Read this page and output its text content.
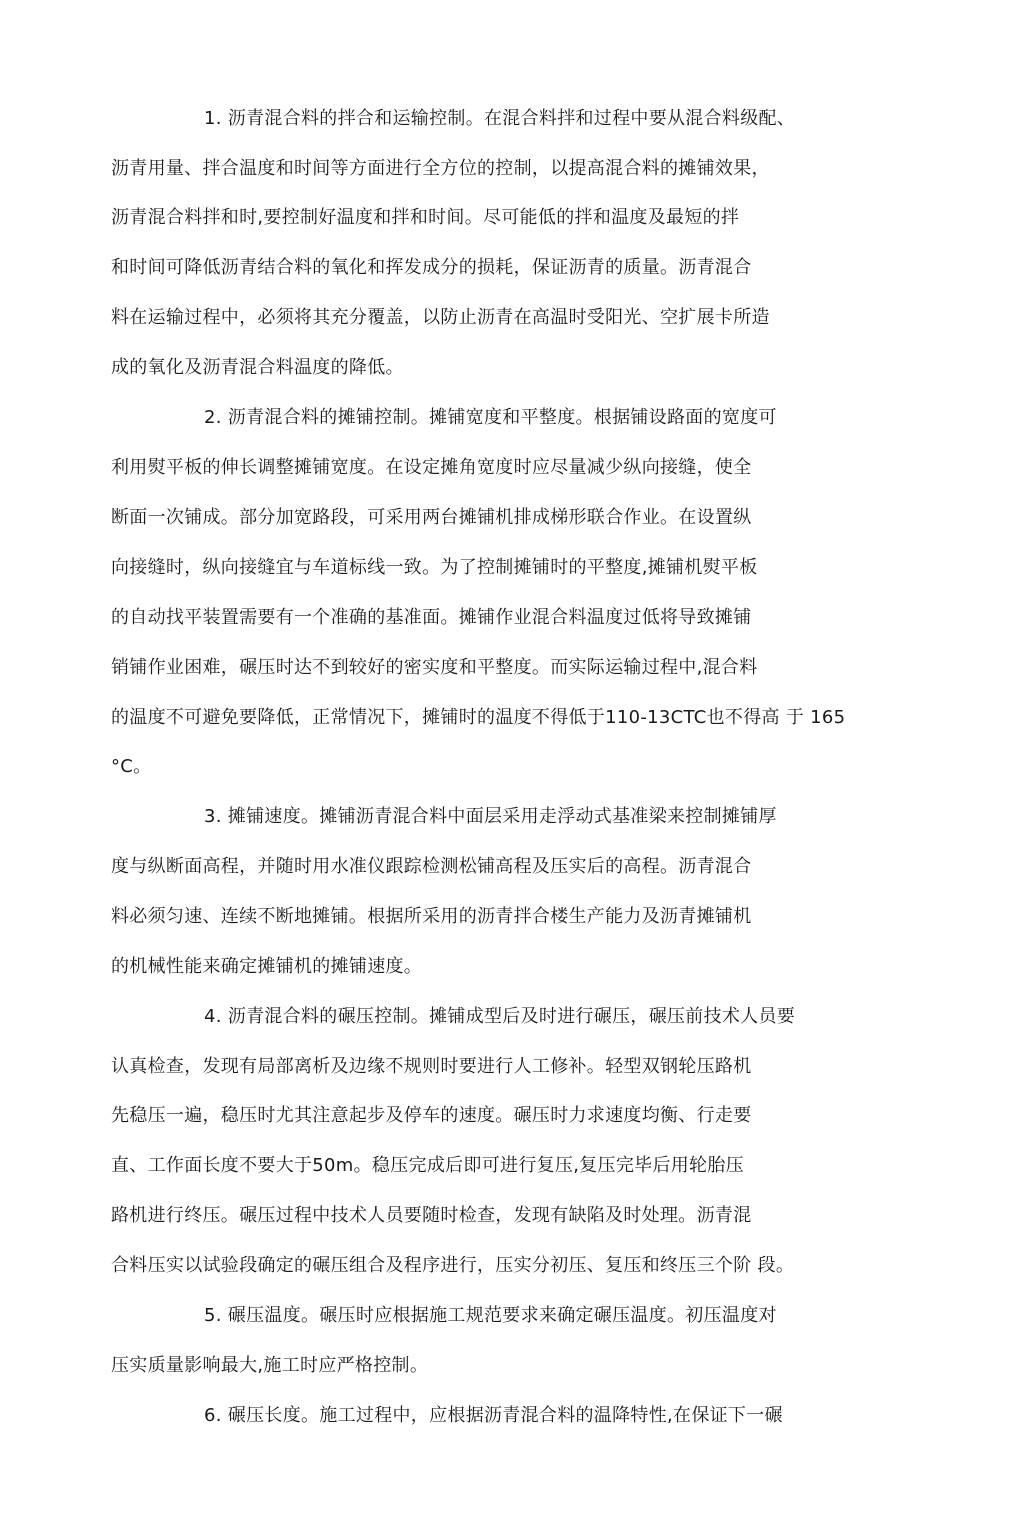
1. 沥青混合料的拌合和运输控制。在混合料拌和过程中要从混合料级配、
沥青用量、拌合温度和时间等方面进行全方位的控制，以提高混合料的摊铺效果，
沥青混合料拌和时,要控制好温度和拌和时间。尽可能低的拌和温度及最短的拌
和时间可降低沥青结合料的氧化和挥发成分的损耗，保证沥青的质量。沥青混合
料在运输过程中，必须将其充分覆盖，以防止沥青在高温时受阳光、空扩展卡所造
成的氧化及沥青混合料温度的降低。
2. 沥青混合料的摊铺控制。摊铺宽度和平整度。根据铺设路面的宽度可
利用熨平板的伸长调整摊铺宽度。在设定摊角宽度时应尽量减少纵向接缝，使全
断面一次铺成。部分加宽路段，可采用两台摊铺机排成梯形联合作业。在设置纵
向接缝时，纵向接缝宜与车道标线一致。为了控制摊铺时的平整度,摊铺机熨平板
的自动找平装置需要有一个准确的基准面。摊铺作业混合料温度过低将导致摊铺
销铺作业困难，碾压时达不到较好的密实度和平整度。而实际运输过程中,混合料
的温度不可避免要降低，正常情况下，摊铺时的温度不得低于110-13CTC也不得高 于 165
°C。
3. 摊铺速度。摊铺沥青混合料中面层采用走浮动式基准梁来控制摊铺厚
度与纵断面高程，并随时用水准仪跟踪检测松铺高程及压实后的高程。沥青混合
料必须匀速、连续不断地摊铺。根据所采用的沥青拌合楼生产能力及沥青摊铺机
的机械性能来确定摊铺机的摊铺速度。
4. 沥青混合料的碾压控制。摊铺成型后及时进行碾压，碾压前技术人员要
认真检查，发现有局部离析及边缘不规则时要进行人工修补。轻型双钢轮压路机
先稳压一遍，稳压时尤其注意起步及停车的速度。碾压时力求速度均衡、行走要
直、工作面长度不要大于50m。稳压完成后即可进行复压,复压完毕后用轮胎压
路机进行终压。碾压过程中技术人员要随时检查，发现有缺陷及时处理。沥青混
合料压实以试验段确定的碾压组合及程序进行，压实分初压、复压和终压三个阶 段。
5. 碾压温度。碾压时应根据施工规范要求来确定碾压温度。初压温度对
压实质量影响最大,施工时应严格控制。
6. 碾压长度。施工过程中，应根据沥青混合料的温降特性,在保证下一碾
